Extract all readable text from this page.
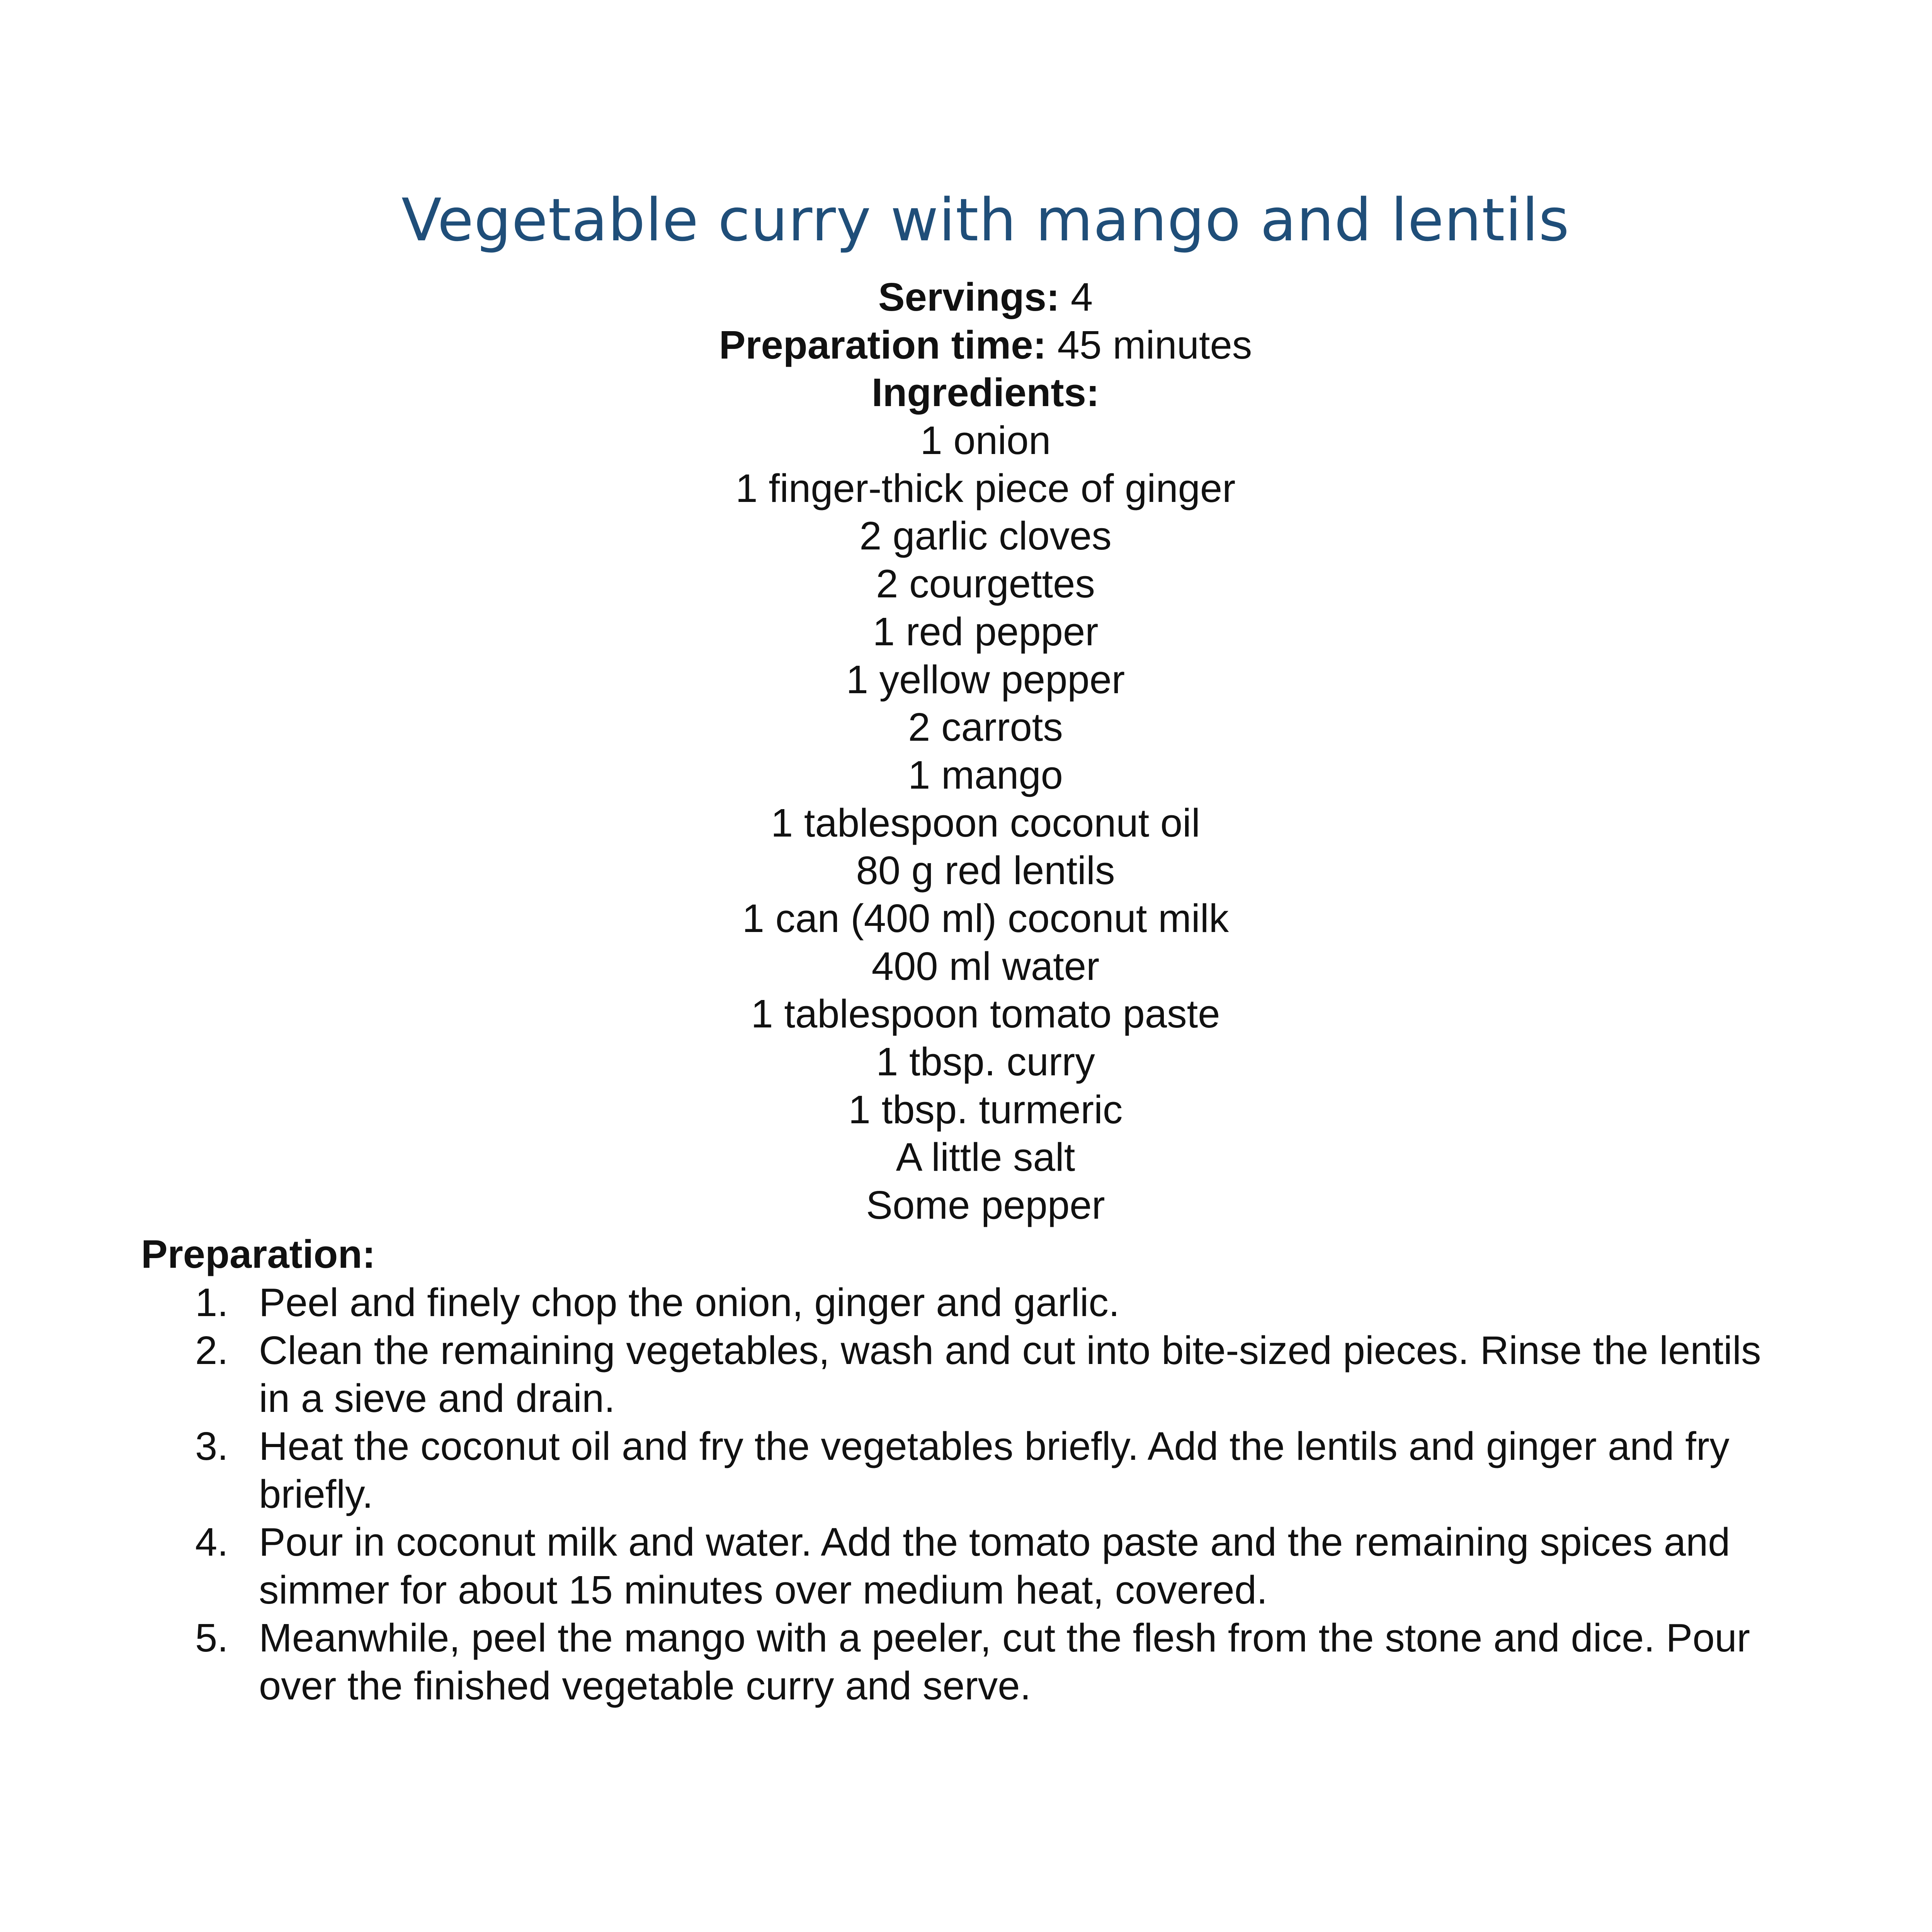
Vegetable curry with mango and lentils
Servings: 4
Preparation time: 45 minutes
Ingredients:
1 onion
1 finger-thick piece of ginger
2 garlic cloves
2 courgettes
1 red pepper
1 yellow pepper
2 carrots
1 mango
1 tablespoon coconut oil
80 g red lentils
1 can (400 ml) coconut milk
400 ml water
1 tablespoon tomato paste
1 tbsp. curry
1 tbsp. turmeric
A little salt
Some pepper
Preparation:
1. Peel and finely chop the onion, ginger and garlic.
2. Clean the remaining vegetables, wash and cut into bite-sized pieces. Rinse the lentils in a sieve and drain.
3. Heat the coconut oil and fry the vegetables briefly. Add the lentils and ginger and fry briefly.
4. Pour in coconut milk and water. Add the tomato paste and the remaining spices and simmer for about 15 minutes over medium heat, covered.
5. Meanwhile, peel the mango with a peeler, cut the flesh from the stone and dice. Pour over the finished vegetable curry and serve.
